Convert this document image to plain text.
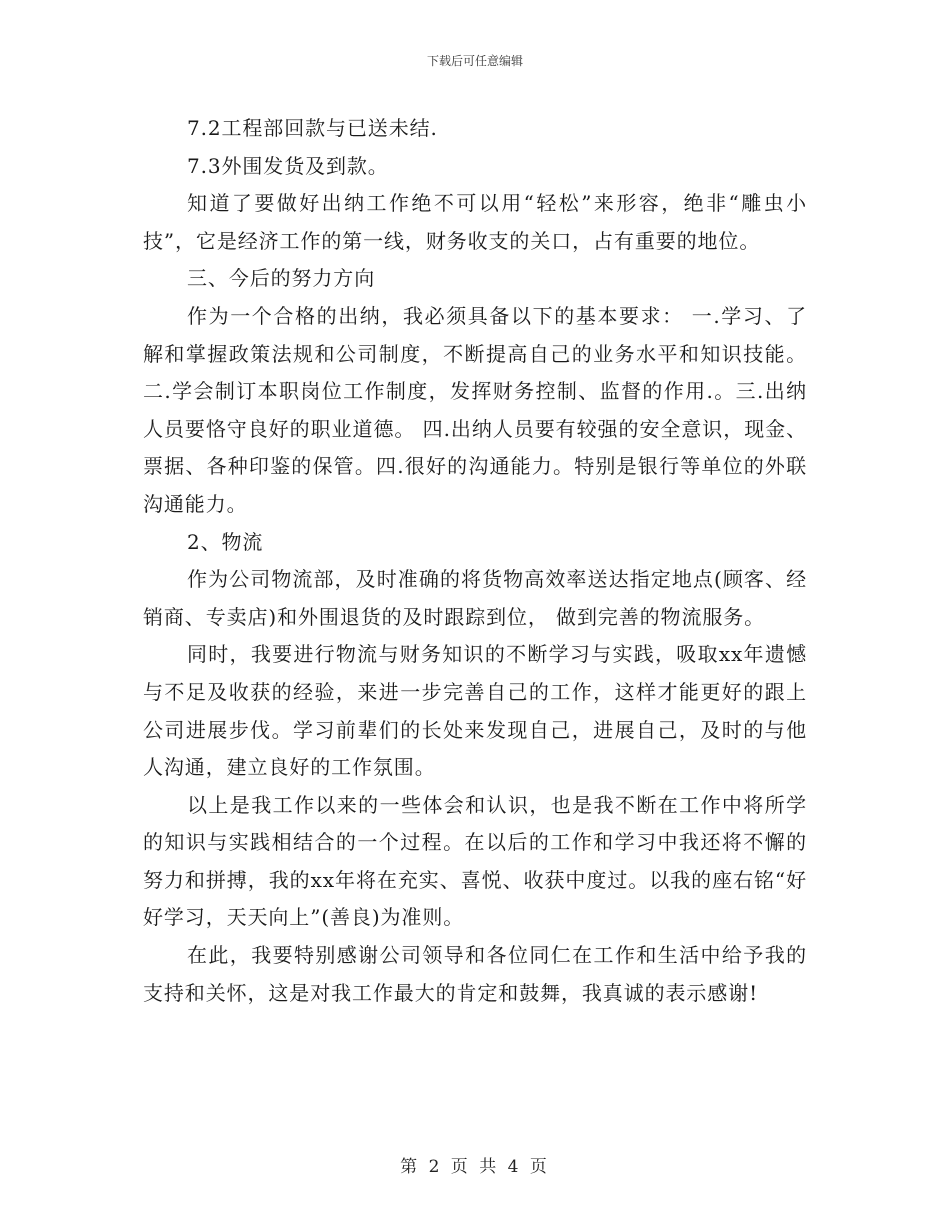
下载后可任意编辑

7.2工程部回款与已送未结.

7.3外围发货及到款。

知道了要做好出纳工作绝不可以用“轻松”来形容，绝非“雕虫小技”，它是经济工作的第一线，财务收支的关口，占有重要的地位。

三、今后的努力方向

作为一个合格的出纳，我必须具备以下的基本要求： 一.学习、了解和掌握政策法规和公司制度，不断提高自己的业务水平和知识技能。 二.学会制订本职岗位工作制度，发挥财务控制、监督的作用.。三.出纳人员要恪守良好的职业道德。 四.出纳人员要有较强的安全意识，现金、票据、各种印鉴的保管。四.很好的沟通能力。特别是银行等单位的外联沟通能力。

2、物流

作为公司物流部，及时准确的将货物高效率送达指定地点(顾客、经销商、专卖店)和外围退货的及时跟踪到位， 做到完善的物流服务。

同时，我要进行物流与财务知识的不断学习与实践，吸取xx年遗憾与不足及收获的经验，来进一步完善自己的工作，这样才能更好的跟上公司进展步伐。学习前辈们的长处来发现自己，进展自己，及时的与他人沟通，建立良好的工作氛围。

以上是我工作以来的一些体会和认识，也是我不断在工作中将所学的知识与实践相结合的一个过程。在以后的工作和学习中我还将不懈的努力和拼搏，我的xx年将在充实、喜悦、收获中度过。以我的座右铭“好好学习，天天向上”(善良)为准则。

在此，我要特别感谢公司领导和各位同仁在工作和生活中给予我的支持和关怀，这是对我工作最大的肯定和鼓舞，我真诚的表示感谢!

第 2 页 共 4 页
